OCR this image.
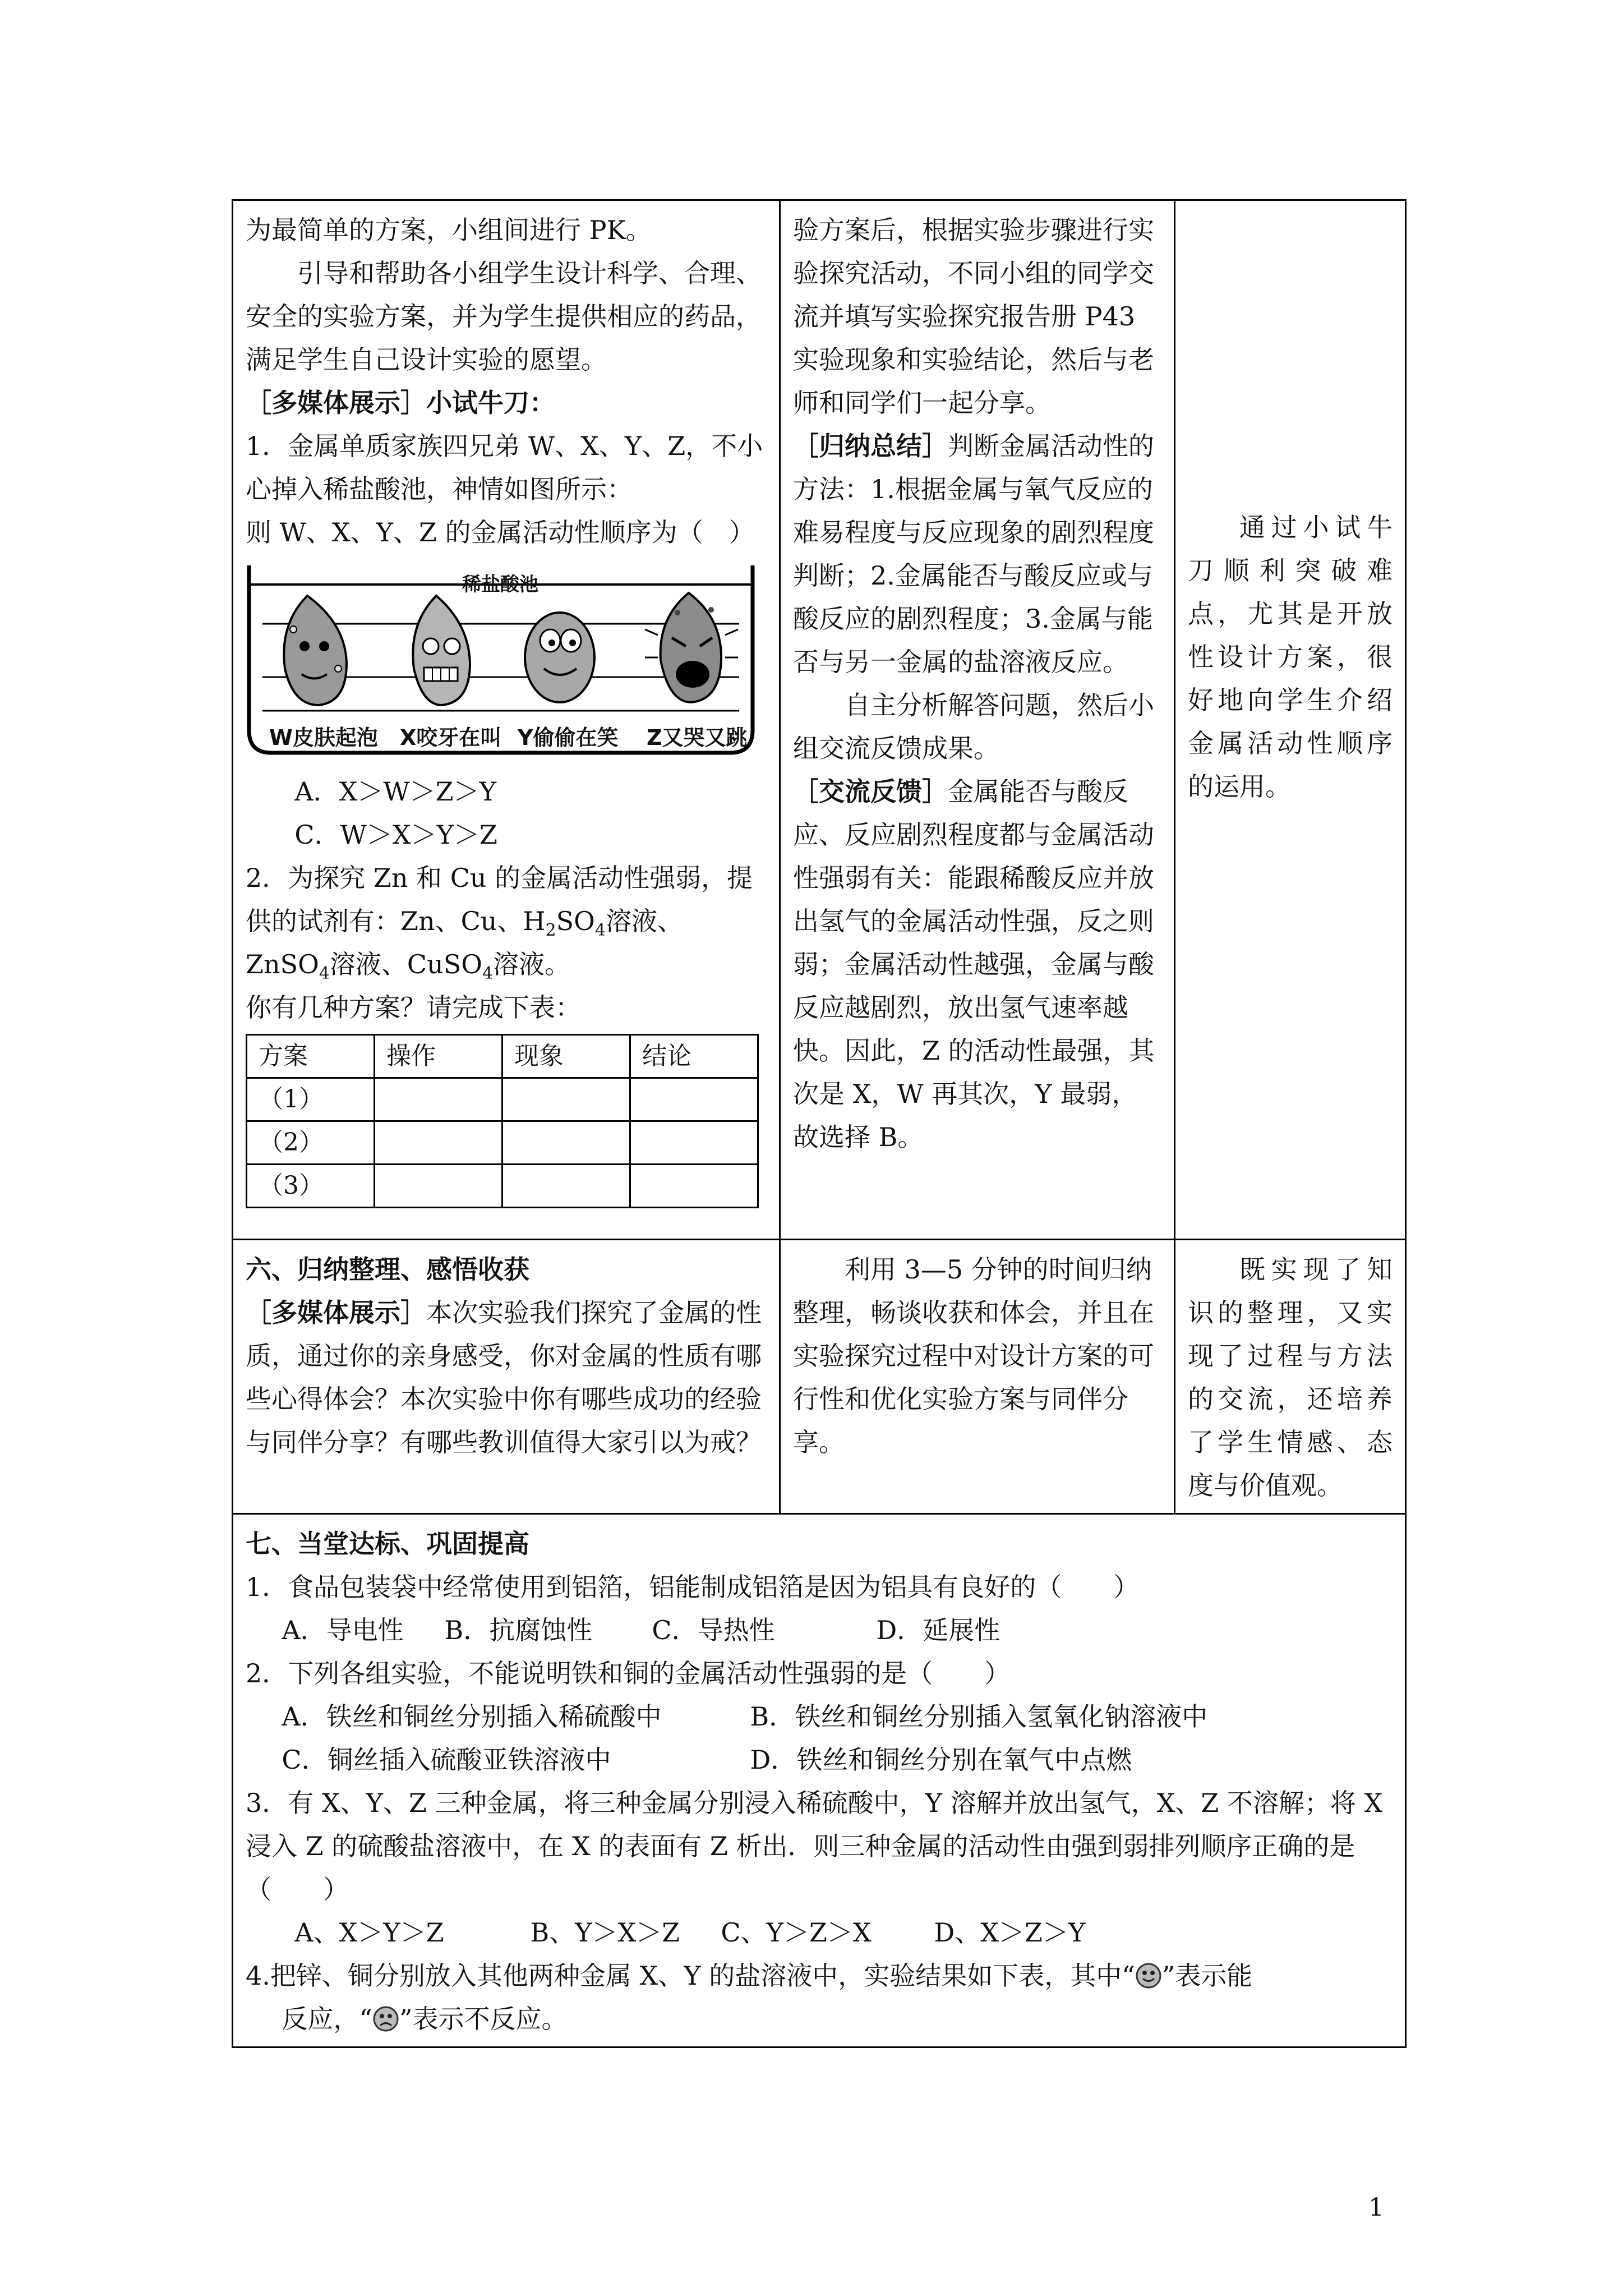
为最简单的方案，小组间进行 PK。

引导和帮助各小组学生设计科学、合理、安全的实验方案，并为学生提供相应的药品，满足学生自己设计实验的愿望。

［多媒体展示］小试牛刀：

1．金属单质家族四兄弟 W、X、Y、Z，不小心掉入稀盐酸池，神情如图所示：

则 W、X、Y、Z 的金属活动性顺序为（　）

稀盐酸池
W皮肤起泡 X咬牙在叫 Y偷偷在笑 Z又哭又跳

A．X＞W＞Z＞Y

C．W＞X＞Y＞Z

2．为探究 Zn 和 Cu 的金属活动性强弱，提供的试剂有：Zn、Cu、$H_2SO_4$溶液、ZnSO$_4$溶液、CuSO$_4$溶液。

你有几种方案？请完成下表：

方案	操作	现象	结论
（1）			
（2）			
（3）			

验方案后，根据实验步骤进行实验探究活动，不同小组的同学交流并填写实验探究报告册 P43 实验现象和实验结论，然后与老师和同学们一起分享。

［归纳总结］判断金属活动性的方法：1.根据金属与氧气反应的难易程度与反应现象的剧烈程度判断；2.金属能否与酸反应或与酸反应的剧烈程度；3.金属与能否与另一金属的盐溶液反应。

自主分析解答问题，然后小组交流反馈成果。

［交流反馈］金属能否与酸反应、反应剧烈程度都与金属活动性强弱有关：能跟稀酸反应并放出氢气的金属活动性强，反之则弱；金属活动性越强，金属与酸反应越剧烈，放出氢气速率越快。因此，Z 的活动性最强，其次是 X，W 再其次，Y 最弱，故选择 B。

通过小试牛刀顺利突破难点，尤其是开放性设计方案，很好地向学生介绍金属活动性顺序的运用。

六、归纳整理、感悟收获

［多媒体展示］本次实验我们探究了金属的性质，通过你的亲身感受，你对金属的性质有哪些心得体会？本次实验中你有哪些成功的经验与同伴分享？有哪些教训值得大家引以为戒？

利用 3—5 分钟的时间归纳整理，畅谈收获和体会，并且在实验探究过程中对设计方案的可行性和优化实验方案与同伴分享。

既实现了知识的整理，又实现了过程与方法的交流，还培养了学生情感、态度与价值观。

七、当堂达标、巩固提高

1．食品包装袋中经常使用到铝箔，铝能制成铝箔是因为铝具有良好的（　　）

A．导电性 B．抗腐蚀性 C．导热性	D．延展性

2．下列各组实验，不能说明铁和铜的金属活动性强弱的是（　　）

A．铁丝和铜丝分别插入稀硫酸中	B．铁丝和铜丝分别插入氢氧化钠溶液中

C．铜丝插入硫酸亚铁溶液中	D．铁丝和铜丝分别在氧气中点燃

3．有 X、Y、Z 三种金属，将三种金属分别浸入稀硫酸中，Y 溶解并放出氢气，X、Z 不溶解；将 X 浸入 Z 的硫酸盐溶液中，在 X 的表面有 Z 析出．则三种金属的活动性由强到弱排列顺序正确的是（　　）

A、X＞Y＞Z	B、Y＞X＞Z C、Y＞Z＞X D、X＞Z＞Y

4.把锌、铜分别放入其他两种金属 X、Y 的盐溶液中，实验结果如下表，其中“ ”表示能

反应，“ ”表示不反应。

1
